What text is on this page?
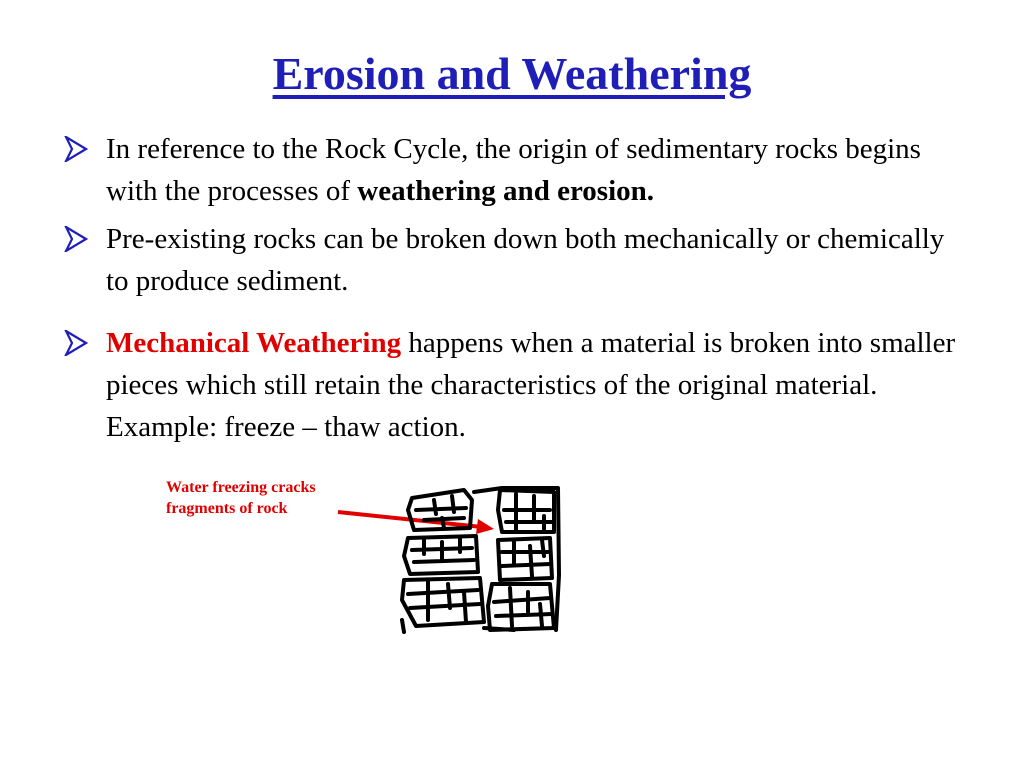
Erosion and Weathering
In reference to the Rock Cycle, the origin of sedimentary rocks begins with the processes of weathering and erosion.
Pre-existing rocks can be broken down both mechanically or chemically to produce sediment.
Mechanical Weathering happens when a material is broken into smaller pieces which still retain the characteristics of the original material. Example: freeze – thaw action.
Water freezing cracks
fragments of rock
